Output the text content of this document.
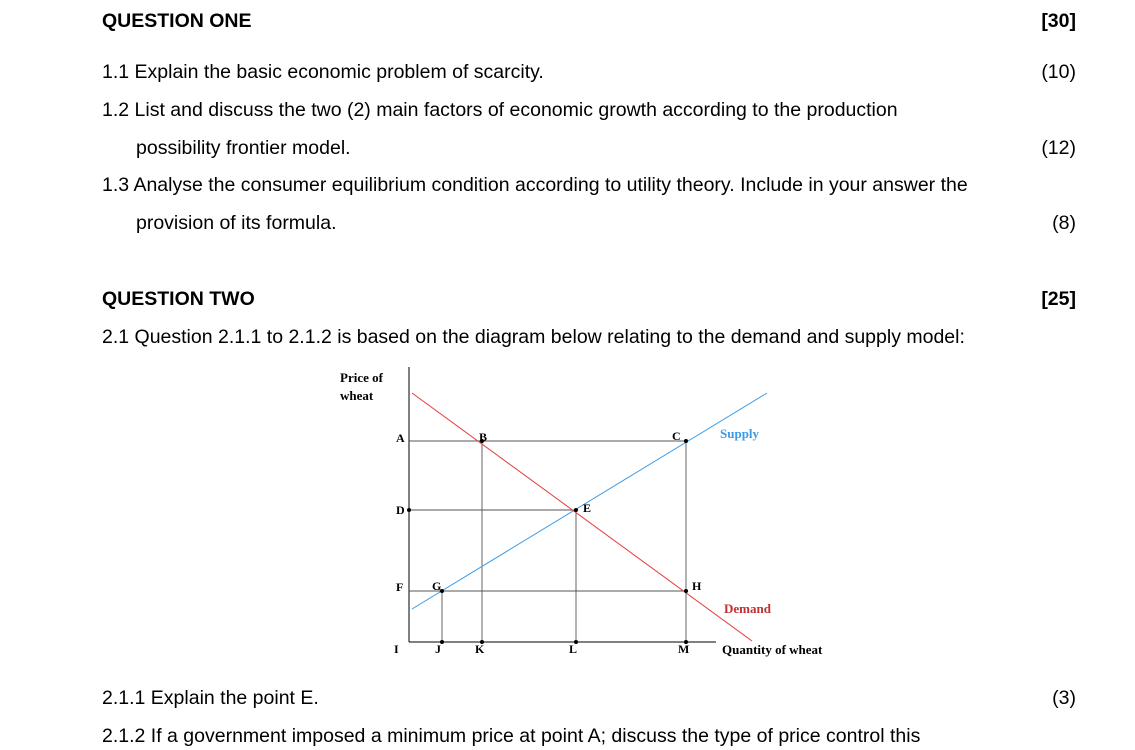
QUESTION ONE	[30]
1.1 Explain the basic economic problem of scarcity.	(10)
1.2 List and discuss the two (2) main factors of economic growth according to the production
possibility frontier model.	(12)
1.3 Analyse the consumer equilibrium condition according to utility theory. Include in your answer the
provision of its formula.	(8)
QUESTION TWO	[25]
2.1 Question 2.1.1 to 2.1.2 is based on the diagram below relating to the demand and supply model:
Price of
wheat
Quantity of wheat
Supply
Demand
A
D
F
I	J	K	L	M
B	C
E
G	H
2.1.1 Explain the point E.	(3)
2.1.2 If a government imposed a minimum price at point A; discuss the type of price control this
